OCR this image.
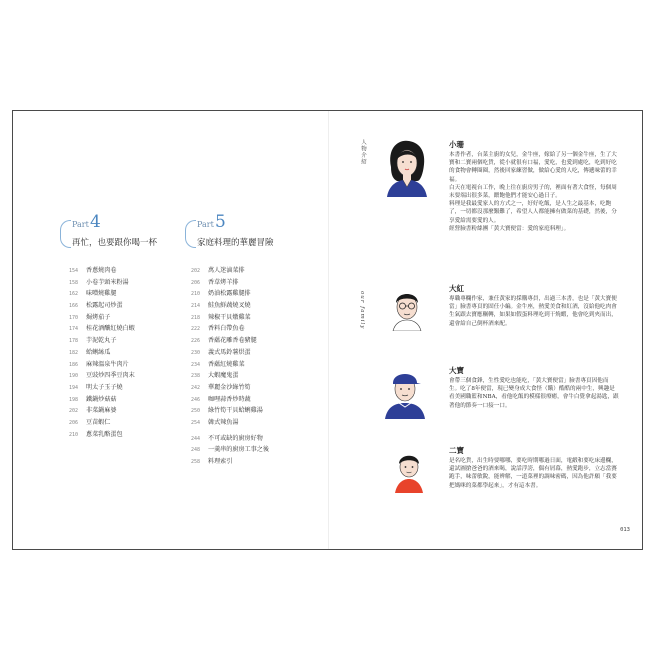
Part 4
再忙，也要跟你喝一杯
154	香蔥燒肉卷
158	小卷芋頭米粉湯
162	味噌燒雞腿
166	松露起司炒蛋
170	焗烤茄子
174	桂花酒釀紅燒白蝦
178	芋泥乾丸子
182	蛤蜊絲瓜
186	麻辣溫泉牛肉片
190	豆豉炒四季豆肉末
194	明太子玉子燒
198	鐵鍋炒菇菇
202	非菜鍋麻婆
206	豆苗蝦仁
210	蔥菜乳酪蛋包
Part 5
家庭料理的華麗冒險
202	萬人迷滷菜排
206	香草烤羊排
210	奶油松露雞腿排
214	鮭魚鮮蔬燒叉燒
218	辣椒干貝燉雞菜
222	香料白帶魚卷
226	香蘊花雕香卷豬腿
230	義式馬鈴薯烘蛋
234	香蘊紅燒雞菜
238	大蝦魔鬼蛋
242	華麗金沙綠竹筍
246	咖哩蒜香炒時蔬
250	綠竹筍干貝蛤蜊雞湯
254	韓式辣魚湯
244	不可或缺的廚房好物
248	一羹串的廚房工事之後
258	料理索引
人物介紹
our family
小珊

本書作者，台菜主廚的女兒，金牛座，嫁給了另一個金牛座，生了大寶和二寶兩個吃貨，從小就很有口福，愛吃，也愛到處吃，吃到好吃的食物會轉圈圈，然後回家練習做，做給心愛的人吃，傳遞味蕾的幸福。

白天在電視台工作，晚上往在廚房男子的，裡面有著大食怪，每個周末要端出很多菜，餵飽他們才能安心過日子。

料理是我最愛家人的方式之一，好好吃飯，是人生之最基本，吃飽了，一切都沒那麼艱難了，希望人人都能擁有做菜的基礎，然後，分享愛給需要愛的人。

經營臉書粉絲團「黃大寶便當：愛的家庭料理」。

大紅

專職專欄作家，兼任黃家的採購專員，出過三本書，也是「黃大寶便當」臉書專頁的固任小編。金牛座，熱愛美食和紅酒，沒給他吃肉會生氣跟去寶應輾轉，如果如假蛋料理吃到干燒蝦，他會吃到夾而出，還會給自己倒杯酒來配。

大寶

會帶三個食鋒，生性愛吃也能吃，「黃大寶便當」臉書專頁因他而生。吃了8年便當，現已變身成大食怪（餓）酷酷的兩中生，興趣是看美國職籃和NBA，看他吃飯的模樣很療癒，會牛白覺拿起湯匙，跟著他的節奏一口接一口。

二寶

是名吃貨，出生時要哪哪，要吃時期哪過日面，電緞和要吃床邊欄，還試圖搶爸爸的酒來喝，說話浮誇，偶有屑幕，熱愛跑步，立志當賽跑手，味蕾敏銳，能辨解，一道菜裡的調味密碼，因為他許願「我要把媽咪的菜都學起來」，才有這本書。

013
